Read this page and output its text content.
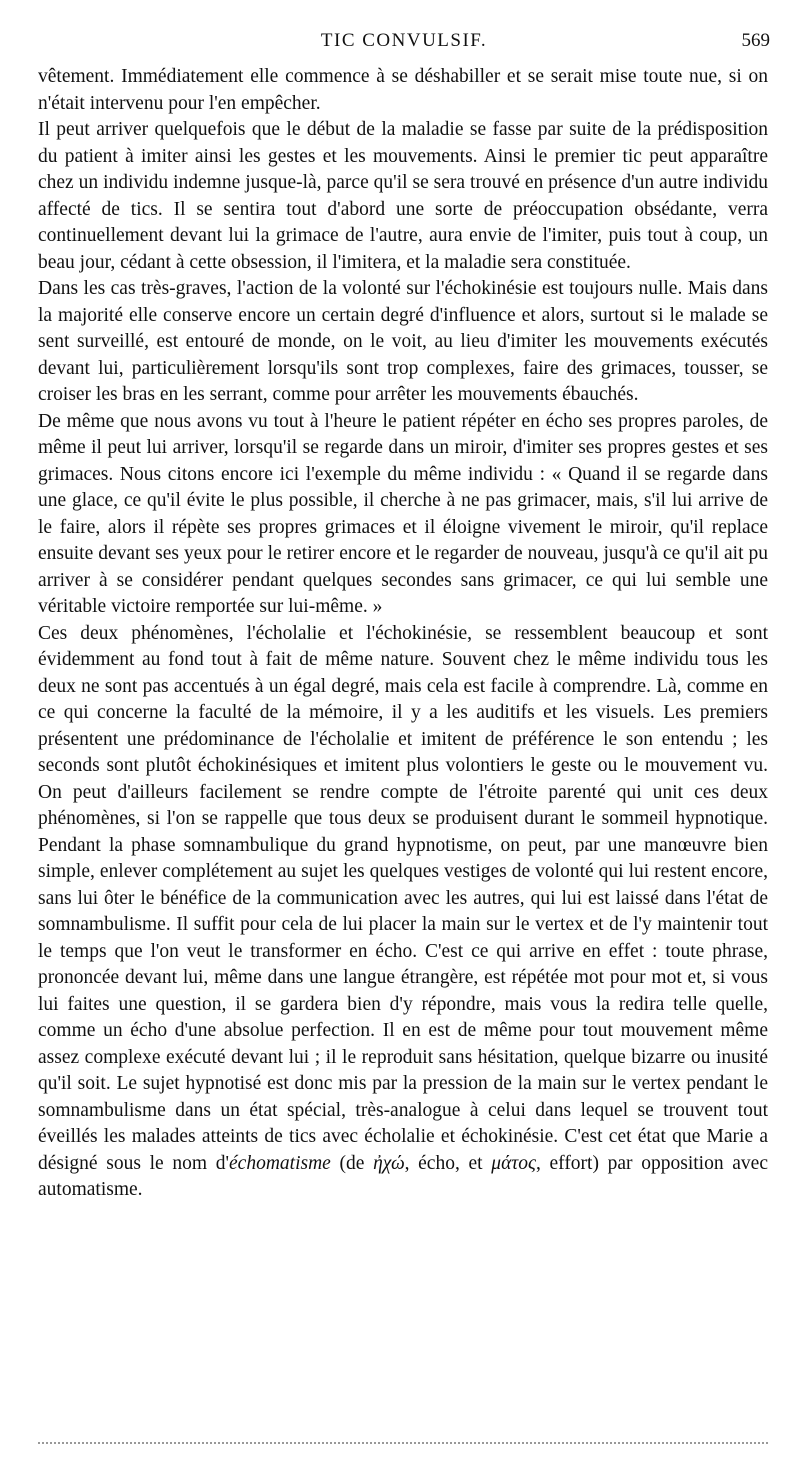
TIC CONVULSIF.	569

vêtement. Immédiatement elle commence à se déshabiller et se serait mise toute nue, si on n'était intervenu pour l'en empêcher.

Il peut arriver quelquefois que le début de la maladie se fasse par suite de la prédisposition du patient à imiter ainsi les gestes et les mouvements. Ainsi le premier tic peut apparaître chez un individu indemne jusque-là, parce qu'il se sera trouvé en présence d'un autre individu affecté de tics. Il se sentira tout d'abord une sorte de préoccupation obsédante, verra continuellement devant lui la grimace de l'autre, aura envie de l'imiter, puis tout à coup, un beau jour, cédant à cette obsession, il l'imitera, et la maladie sera constituée.

Dans les cas très-graves, l'action de la volonté sur l'échokinésie est toujours nulle. Mais dans la majorité elle conserve encore un certain degré d'influence et alors, surtout si le malade se sent surveillé, est entouré de monde, on le voit, au lieu d'imiter les mouvements exécutés devant lui, particulièrement lorsqu'ils sont trop complexes, faire des grimaces, tousser, se croiser les bras en les serrant, comme pour arrêter les mouvements ébauchés.

De même que nous avons vu tout à l'heure le patient répéter en écho ses propres paroles, de même il peut lui arriver, lorsqu'il se regarde dans un miroir, d'imiter ses propres gestes et ses grimaces. Nous citons encore ici l'exemple du même individu : « Quand il se regarde dans une glace, ce qu'il évite le plus possible, il cherche à ne pas grimacer, mais, s'il lui arrive de le faire, alors il répète ses propres grimaces et il éloigne vivement le miroir, qu'il replace ensuite devant ses yeux pour le retirer encore et le regarder de nouveau, jusqu'à ce qu'il ait pu arriver à se considérer pendant quelques secondes sans grimacer, ce qui lui semble une véritable victoire remportée sur lui-même. »

Ces deux phénomènes, l'écholalie et l'échokinésie, se ressemblent beaucoup et sont évidemment au fond tout à fait de même nature. Souvent chez le même individu tous les deux ne sont pas accentués à un égal degré, mais cela est facile à comprendre. Là, comme en ce qui concerne la faculté de la mémoire, il y a les auditifs et les visuels. Les premiers présentent une prédominance de l'écholalie et imitent de préférence le son entendu ; les seconds sont plutôt échokinésiques et imitent plus volontiers le geste ou le mouvement vu. On peut d'ailleurs facilement se rendre compte de l'étroite parenté qui unit ces deux phénomènes, si l'on se rappelle que tous deux se produisent durant le sommeil hypnotique. Pendant la phase somnambulique du grand hypnotisme, on peut, par une manœuvre bien simple, enlever complétement au sujet les quelques vestiges de volonté qui lui restent encore, sans lui ôter le bénéfice de la communication avec les autres, qui lui est laissé dans l'état de somnambulisme. Il suffit pour cela de lui placer la main sur le vertex et de l'y maintenir tout le temps que l'on veut le transformer en écho. C'est ce qui arrive en effet : toute phrase, prononcée devant lui, même dans une langue étrangère, est répétée mot pour mot et, si vous lui faites une question, il se gardera bien d'y répondre, mais vous la redira telle quelle, comme un écho d'une absolue perfection. Il en est de même pour tout mouvement même assez complexe exécuté devant lui ; il le reproduit sans hésitation, quelque bizarre ou inusité qu'il soit. Le sujet hypnotisé est donc mis par la pression de la main sur le vertex pendant le somnambulisme dans un état spécial, très-analogue à celui dans lequel se trouvent tout éveillés les malades atteints de tics avec écholalie et échokinésie. C'est cet état que Marie a désigné sous le nom d'échomatisme (de ἠχώ, écho, et μάτος, effort) par opposition avec automatisme.
